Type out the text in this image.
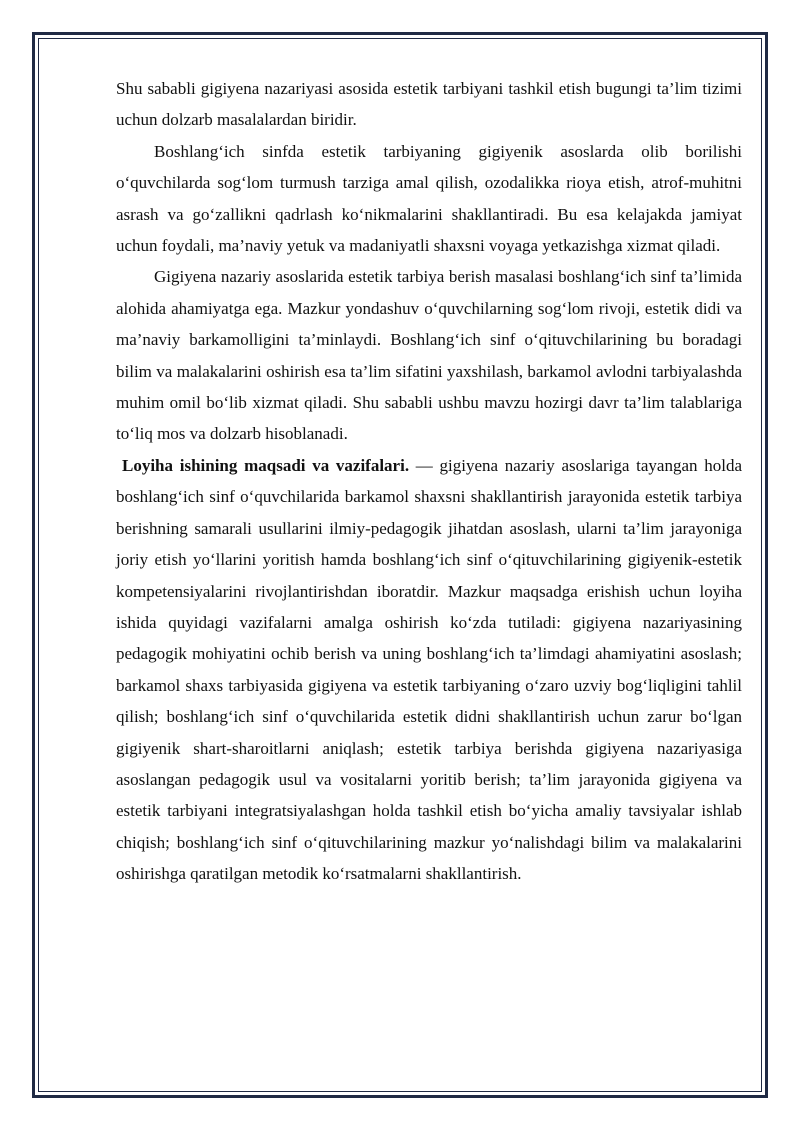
Shu sababli gigiyena nazariyasi asosida estetik tarbiyani tashkil etish bugungi ta’lim tizimi uchun dolzarb masalalardan biridir.

Boshlang‘ich sinfda estetik tarbiyaning gigiyenik asoslarda olib borilishi o‘quvchilarda sog‘lom turmush tarziga amal qilish, ozodalikka rioya etish, atrof-muhitni asrash va go‘zallikni qadrlash ko‘nikmalarini shakllantiradi. Bu esa kelajakda jamiyat uchun foydali, ma’naviy yetuk va madaniyatli shaxsni voyaga yetkazishga xizmat qiladi.

Gigiyena nazariy asoslarida estetik tarbiya berish masalasi boshlang‘ich sinf ta’limida alohida ahamiyatga ega. Mazkur yondashuv o‘quvchilarning sog‘lom rivoji, estetik didi va ma’naviy barkamolligini ta’minlaydi. Boshlang‘ich sinf o‘qituvchilarining bu boradagi bilim va malakalarini oshirish esa ta’lim sifatini yaxshilash, barkamol avlodni tarbiyalashda muhim omil bo‘lib xizmat qiladi. Shu sababli ushbu mavzu hozirgi davr ta’lim talablariga to‘liq mos va dolzarb hisoblanadi.

Loyiha ishining maqsadi va vazifalari. — gigiyena nazariy asoslariga tayangan holda boshlang‘ich sinf o‘quvchilarida barkamol shaxsni shakllantirish jarayonida estetik tarbiya berishning samarali usullarini ilmiy-pedagogik jihatdan asoslash, ularni ta’lim jarayoniga joriy etish yo‘llarini yoritish hamda boshlang‘ich sinf o‘qituvchilarining gigiyenik-estetik kompetensiyalarini rivojlantirishdan iboratdir. Mazkur maqsadga erishish uchun loyiha ishida quyidagi vazifalarni amalga oshirish ko‘zda tutiladi: gigiyena nazariyasining pedagogik mohiyatini ochib berish va uning boshlang‘ich ta’limdagi ahamiyatini asoslash; barkamol shaxs tarbiyasida gigiyena va estetik tarbiyaning o‘zaro uzviy bog‘liqligini tahlil qilish; boshlang‘ich sinf o‘quvchilarida estetik didni shakllantirish uchun zarur bo‘lgan gigiyenik shart-sharoitlarni aniqlash; estetik tarbiya berishda gigiyena nazariyasiga asoslangan pedagogik usul va vositalarni yoritib berish; ta’lim jarayonida gigiyena va estetik tarbiyani integratsiyalashgan holda tashkil etish bo‘yicha amaliy tavsiyalar ishlab chiqish; boshlang‘ich sinf o‘qituvchilarining mazkur yo‘nalishdagi bilim va malakalarini oshirishga qaratilgan metodik ko‘rsatmalarni shakllantirish.
